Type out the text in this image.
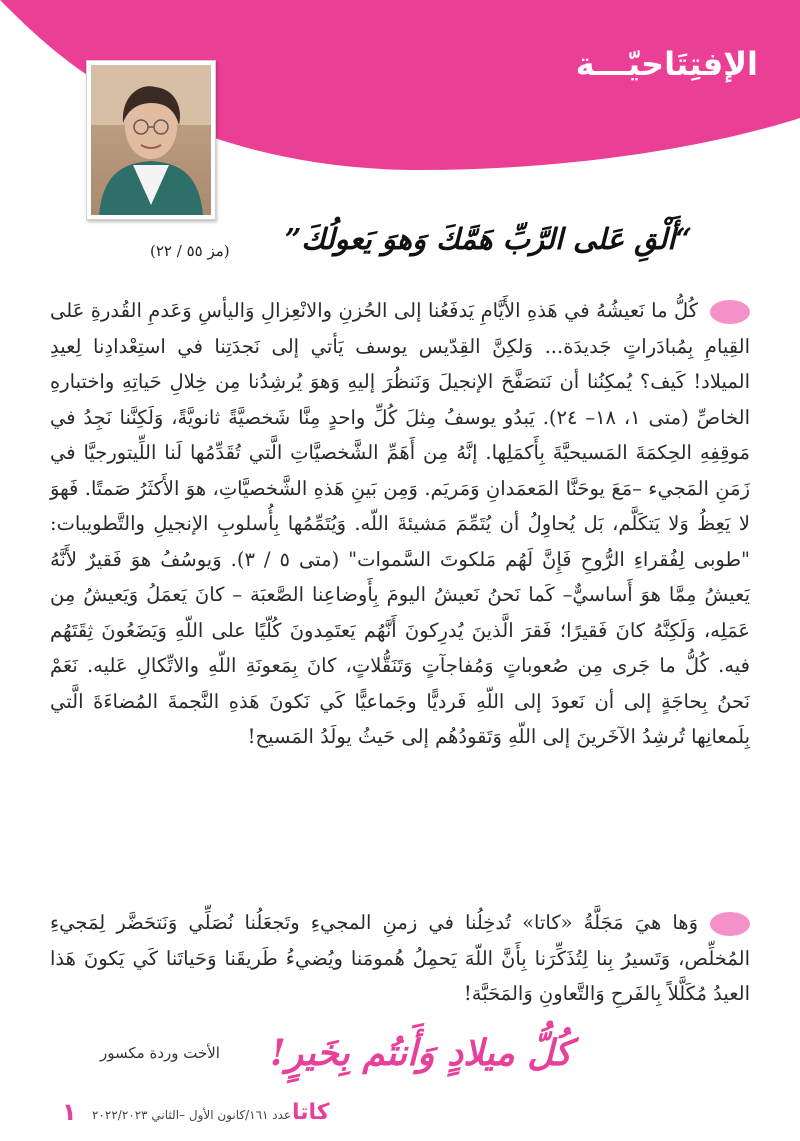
الإفتِتَاحيّـــة
“أَلْقِ عَلى الرَّبِّ هَمَّكَ وَهوَ يَعولُكَ”
(مز ٥٥ / ٢٢)
كُلُّ ما نَعيشُهُ في هَذهِ الأَيَّامِ يَدفَعُنا إلى الحُزنِ والانْعِزالِ وَاليأسِ وَعَدمِ القُدرةِ عَلى القِيامِ بِمُبادَراتٍ جَديدَة... وَلكِنَّ القِدّيس يوسف يَأتي إلى نَجدَتِنا في استِعْدادِنا لِعيدِ الميلاد! كَيف؟ يُمكِنُنا أن نَتصَفَّحَ الإنجيلَ وَنَنظُرَ إليهِ وَهوَ يُرشِدُنا مِن خِلالِ حَياتِهِ واختبارهِ الخاصِّ (متى ١، ١٨– ٢٤). يَبدُو يوسفُ مِثلَ كُلِّ واحدٍ مِنَّا شَخصيَّةً ثانويَّةً، وَلَكِنَّنا نَجِدُ في مَوقِفِهِ الحِكمَةَ المَسيحيَّةَ بِأَكمَلِها. إنَّهُ مِن أَهَمِّ الشَّخصيَّاتِ الَّتي تُقَدِّمُها لَنا اللِّيتورجيَّا في زَمَنِ المَجيء –مَعَ يوحَنَّا المَعمَدانِ وَمَريَم. وَمِن بَينِ هَذهِ الشَّخصيَّاتِ، هوَ الأَكثَرُ صَمتًا. فَهوَ لا يَعِظُ وَلا يَتكَلَّم، بَل يُحاوِلُ أن يُتَمِّمَ مَشيئةَ اللّه. وَيُتَمِّمُها بِأُسلوبِ الإنجيلِ والتَّطويبات: "طوبى لِفُقراءِ الرُّوحِ فَإِنَّ لَهُم مَلكوتَ السَّموات" (متى ٥ / ٣). وَيوسُفُ هوَ فَقيرٌ لأَنَّهُ يَعيشُ مِمَّا هوَ أَساسيٌّ– كَما نَحنُ نَعيشُ اليومَ بِأَوضاعِنا الصَّعبَة – كانَ يَعمَلُ وَيَعيشُ مِن عَمَلِه، وَلَكِنَّهُ كانَ فَقيرًا؛ فَقرَ الَّذينَ يُدرِكونَ أَنَّهُم يَعتَمِدونَ كُلّيًا على اللّهِ وَيَضَعُونَ ثِقَتَهُم فيه. كُلُّ ما جَرى مِن صُعوباتٍ وَمُفاجآتٍ وَتَنَقُّلاتٍ، كانَ بِمَعونَةِ اللّهِ والاتِّكالِ عَليه. نَعَمْ نَحنُ بِحاجَةٍ إلى أن نَعودَ إلى اللّهِ فَرديًّا وجَماعيًّا كَي نَكونَ هَذهِ النَّجمةَ المُضاءَةَ الَّتي بِلَمعانِها تُرشِدُ الآخَرينَ إلى اللّهِ وَتَقودُهُم إلى حَيثُ يولَدُ المَسيح!
وَها هيَ مَجَلَّةُ «كاتا» تُدخِلُنا في زمنِ المجيءِ وتَجعَلُنا نُصَلِّي وَنَتحَضَّر لِمَجيءِ المُخلِّص، وَتَسيرُ بِنا لِتُذَكِّرَنا بِأَنَّ اللّهَ يَحمِلُ هُمومَنا ويُضيءُ طَريقَنا وَحَياتَنا كَي يَكونَ هَذا العيدُ مُكَلَّلاً بِالفَرحِ وَالتَّعاونِ وَالمَحَبَّة!
كُلُّ ميلادٍ وَأَنتُم بِخَيرٍ!
الأخت وردة مكسور
كاتا
عدد ١٦١/كانون الأول –الثاني ٢٠٢٢/٢٠٢٣
١
